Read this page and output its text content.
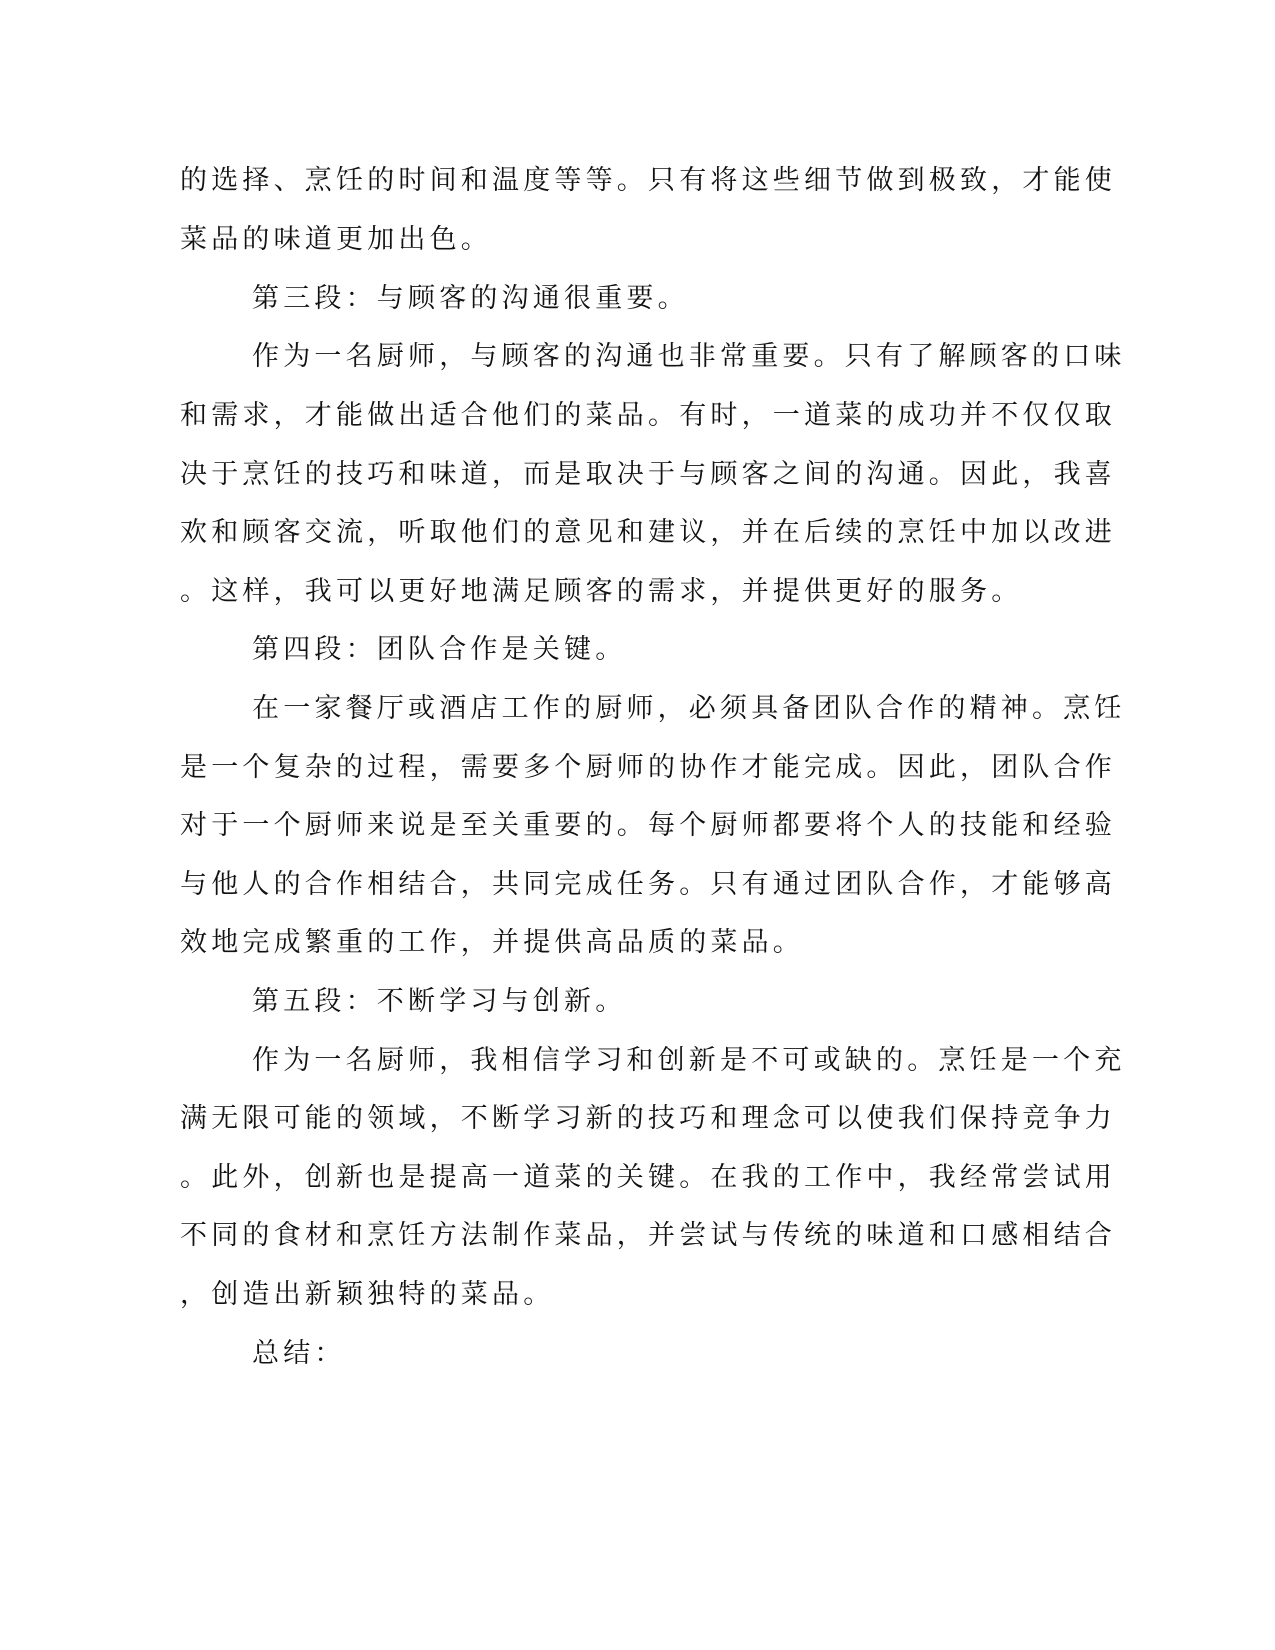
的选择、烹饪的时间和温度等等。只有将这些细节做到极致，才能使
菜品的味道更加出色。
第三段：与顾客的沟通很重要。
作为一名厨师，与顾客的沟通也非常重要。只有了解顾客的口味
和需求，才能做出适合他们的菜品。有时，一道菜的成功并不仅仅取
决于烹饪的技巧和味道，而是取决于与顾客之间的沟通。因此，我喜
欢和顾客交流，听取他们的意见和建议，并在后续的烹饪中加以改进
。这样，我可以更好地满足顾客的需求，并提供更好的服务。
第四段：团队合作是关键。
在一家餐厅或酒店工作的厨师，必须具备团队合作的精神。烹饪
是一个复杂的过程，需要多个厨师的协作才能完成。因此，团队合作
对于一个厨师来说是至关重要的。每个厨师都要将个人的技能和经验
与他人的合作相结合，共同完成任务。只有通过团队合作，才能够高
效地完成繁重的工作，并提供高品质的菜品。
第五段：不断学习与创新。
作为一名厨师，我相信学习和创新是不可或缺的。烹饪是一个充
满无限可能的领域，不断学习新的技巧和理念可以使我们保持竞争力
。此外，创新也是提高一道菜的关键。在我的工作中，我经常尝试用
不同的食材和烹饪方法制作菜品，并尝试与传统的味道和口感相结合
，创造出新颖独特的菜品。
总结：
